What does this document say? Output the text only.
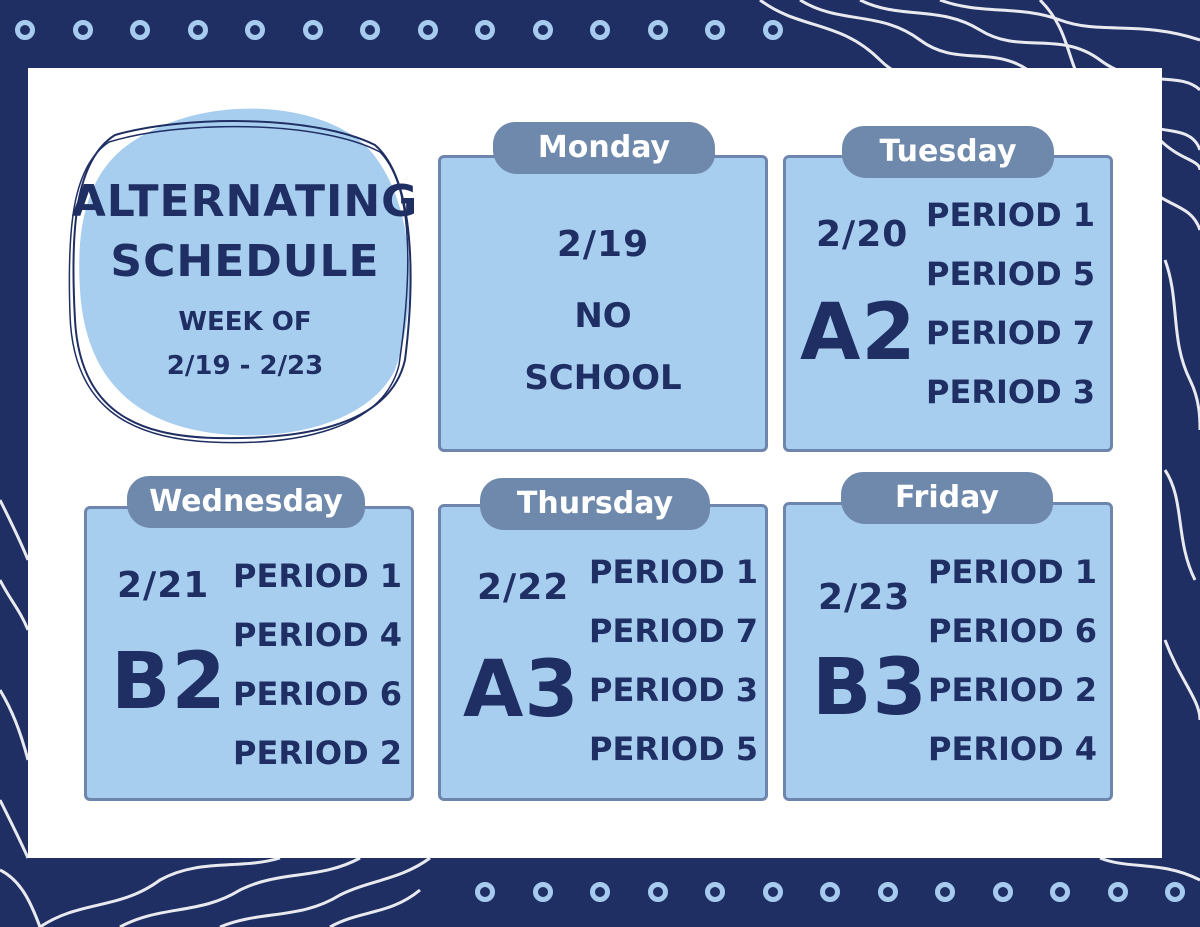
ALTERNATING
SCHEDULE
WEEK OF
2/19 - 2/23
2/19
NO
SCHOOL
Monday
2/20
A2
PERIOD 1
PERIOD 5
PERIOD 7
PERIOD 3
Tuesday
2/21
B2
PERIOD 1
PERIOD 4
PERIOD 6
PERIOD 2
Wednesday
2/22
A3
PERIOD 1
PERIOD 7
PERIOD 3
PERIOD 5
Thursday
2/23
B3
PERIOD 1
PERIOD 6
PERIOD 2
PERIOD 4
Friday
